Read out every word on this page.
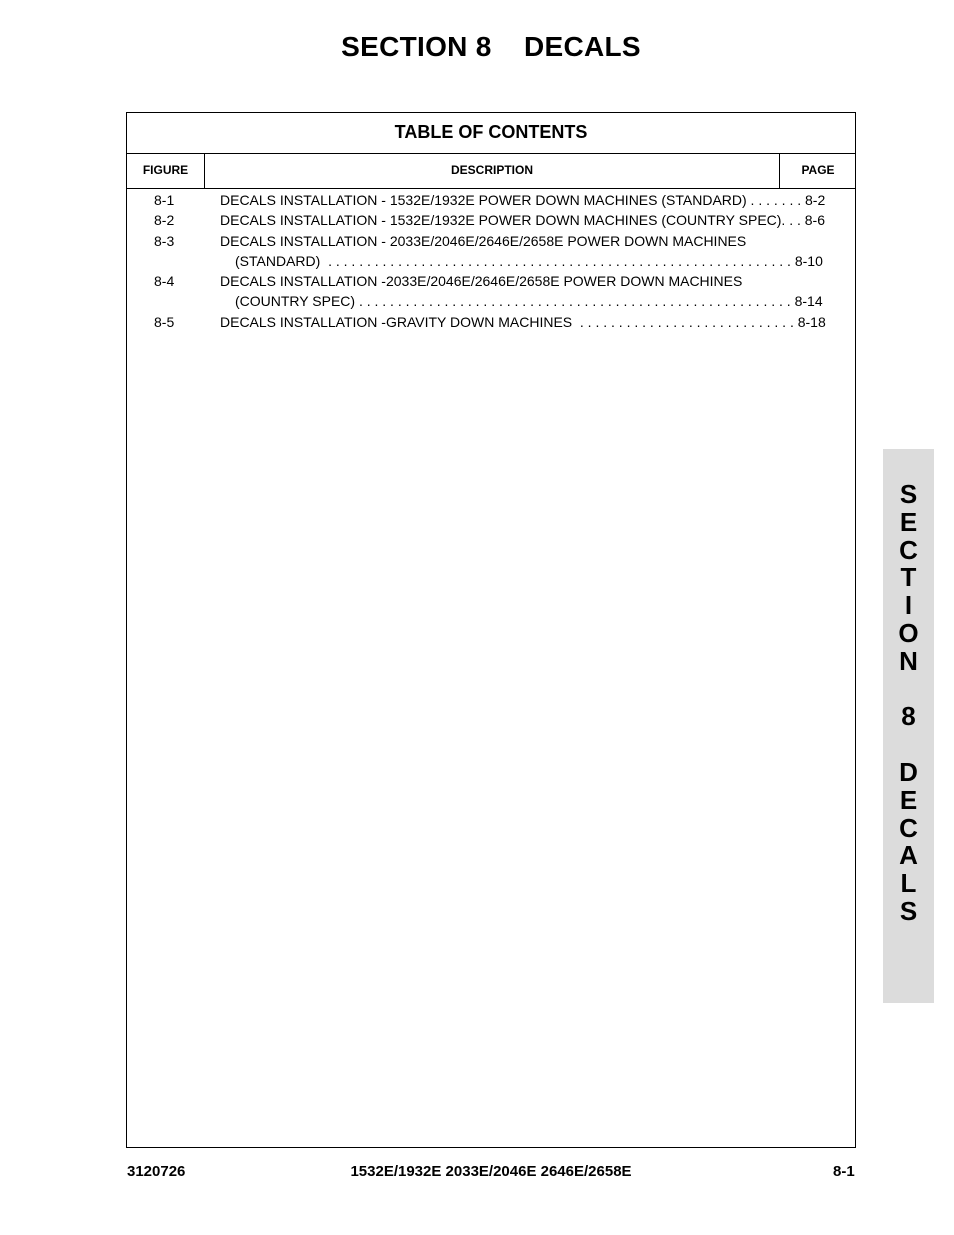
SECTION 8    DECALS
TABLE OF CONTENTS
FIGURE	DESCRIPTION	PAGE
8-1	DECALS INSTALLATION - 1532E/1932E POWER DOWN MACHINES (STANDARD) . . . . . . . 8-2
8-2	DECALS INSTALLATION - 1532E/1932E POWER DOWN MACHINES (COUNTRY SPEC). . . 8-6
8-3	DECALS INSTALLATION - 2033E/2046E/2646E/2658E POWER DOWN MACHINES
(STANDARD)  . . . . . . . . . . . . . . . . . . . . . . . . . . . . . . . . . . . . . . . . . . . . . . . . . . . . . . . . . . . . 8-10
8-4	DECALS INSTALLATION -2033E/2046E/2646E/2658E POWER DOWN MACHINES
(COUNTRY SPEC) . . . . . . . . . . . . . . . . . . . . . . . . . . . . . . . . . . . . . . . . . . . . . . . . . . . . . . . . 8-14
8-5	DECALS INSTALLATION -GRAVITY DOWN MACHINES  . . . . . . . . . . . . . . . . . . . . . . . . . . . . 8-18
S
E
C
T
I
O
N

8

D
E
C
A
L
S
3120726	1532E/1932E 2033E/2046E 2646E/2658E	8-1
